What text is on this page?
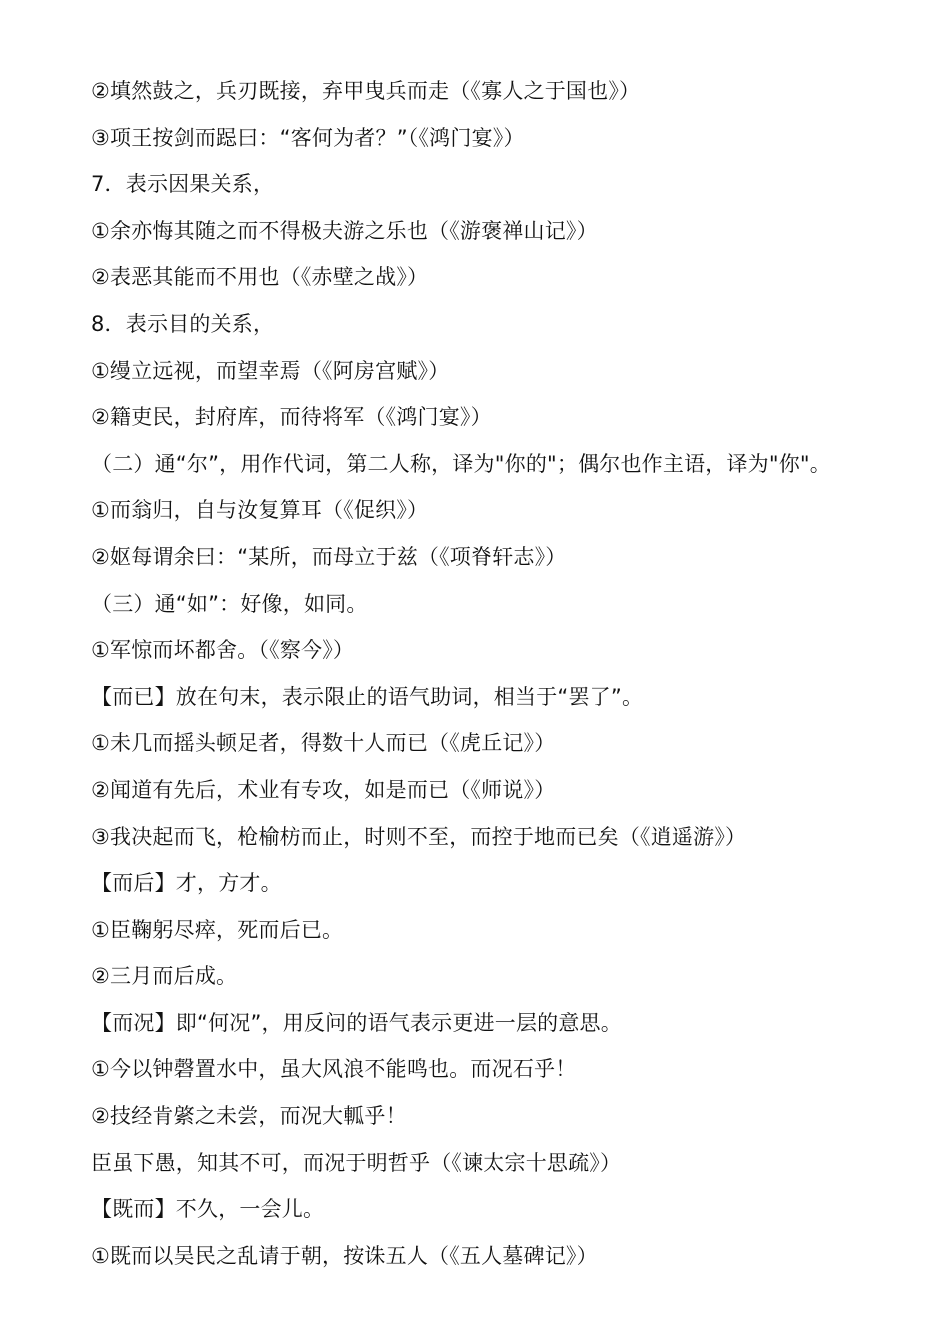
②填然鼓之，兵刃既接，弃甲曳兵而走（《寡人之于国也》）
③项王按剑而跽曰：“客何为者？”（《鸿门宴》）
7．表示因果关系，
①余亦悔其随之而不得极夫游之乐也（《游褒禅山记》）
②表恶其能而不用也（《赤壁之战》）
8．表示目的关系，
①缦立远视，而望幸焉（《阿房宫赋》）
②籍吏民，封府库，而待将军（《鸿门宴》）
（二）通“尔”，用作代词，第二人称，译为"你的"；偶尔也作主语，译为"你"。
①而翁归，自与汝复算耳（《促织》）
②妪每谓余曰：“某所，而母立于兹（《项脊轩志》）
（三）通“如”：好像，如同。
①军惊而坏都舍。（《察今》）
【而已】放在句末，表示限止的语气助词，相当于“罢了”。
①未几而摇头顿足者，得数十人而已（《虎丘记》）
②闻道有先后，术业有专攻，如是而已（《师说》）
③我决起而飞，枪榆枋而止，时则不至，而控于地而已矣（《逍遥游》）
【而后】才，方才。
①臣鞠躬尽瘁，死而后已。
②三月而后成。
【而况】即“何况”，用反问的语气表示更进一层的意思。
①今以钟磬置水中，虽大风浪不能鸣也。而况石乎！
②技经肯綮之未尝，而况大軱乎！
臣虽下愚，知其不可，而况于明哲乎（《谏太宗十思疏》）
【既而】不久，一会儿。
①既而以吴民之乱请于朝，按诛五人（《五人墓碑记》）
